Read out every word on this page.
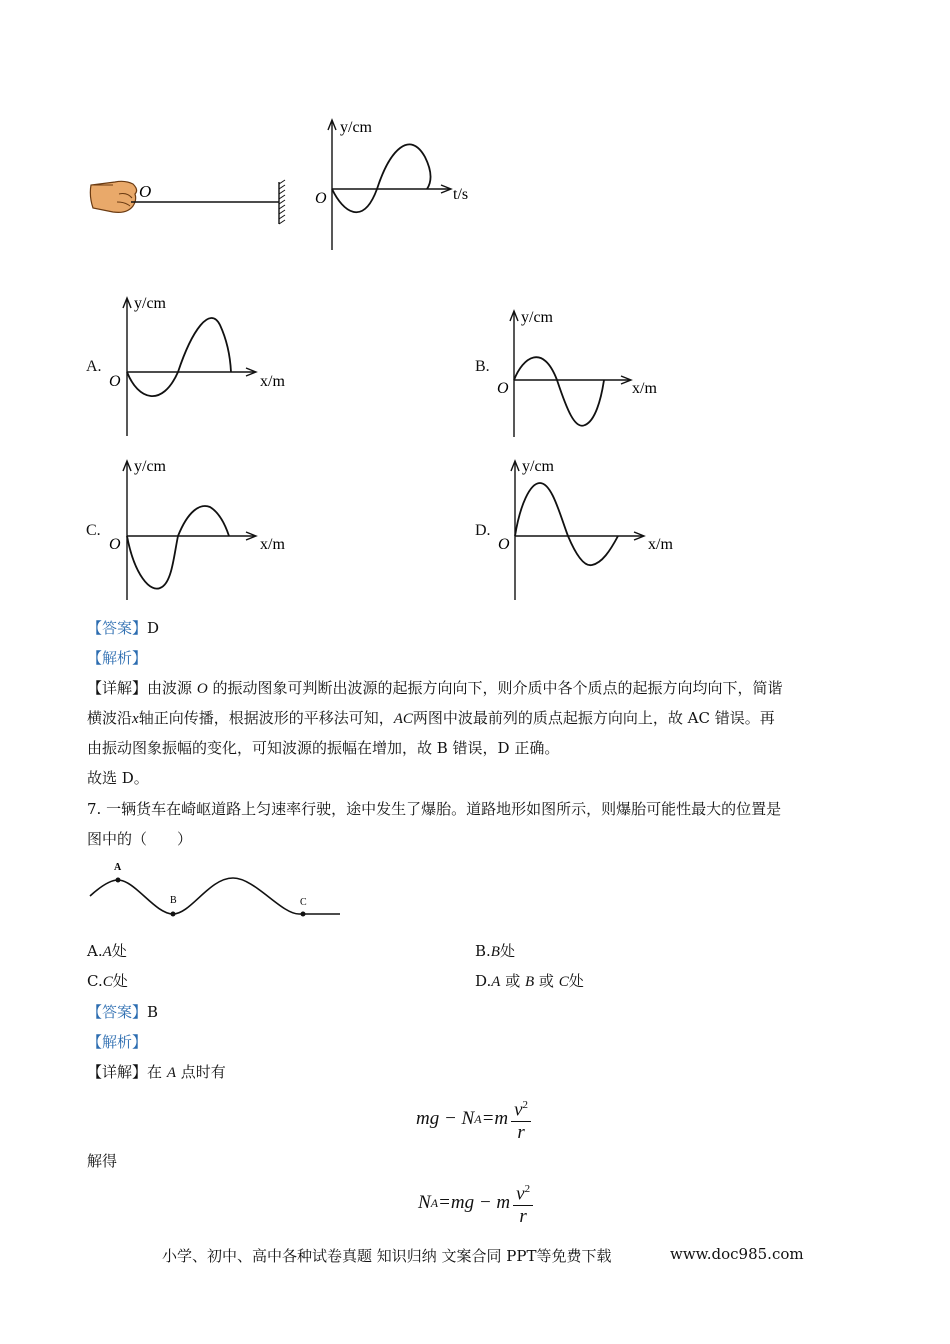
O
y/cm
O	t/s
A.
y/cm
O	x/m
B.
y/cm
O	x/m
C.
y/cm
O	x/m
D.
y/cm
O	x/m
【答案】D
【解析】
【详解】由波源 O 的振动图象可判断出波源的起振方向向下，则介质中各个质点的起振方向均向下，简谐
横波沿x轴正向传播，根据波形的平移法可知，AC两图中波最前列的质点起振方向向上，故 AC 错误。再
由振动图象振幅的变化，可知波源的振幅在增加，故 B 错误，D 正确。
故选 D。
7. 一辆货车在崎岖道路上匀速率行驶，途中发生了爆胎。道路地形如图所示，则爆胎可能性最大的位置是
图中的（　　）
A
B	C
A.A处	B.B处
C.C处	D.A 或 B 或 C处
【答案】B
【解析】
【详解】在 A 点时有
mg − N A =m $v^2$
r
解得
N A =mg − m $v^2$
r
小学、初中、高中各种试卷真题 知识归纳 文案合同 PPT等免费下载	www.doc985.com
